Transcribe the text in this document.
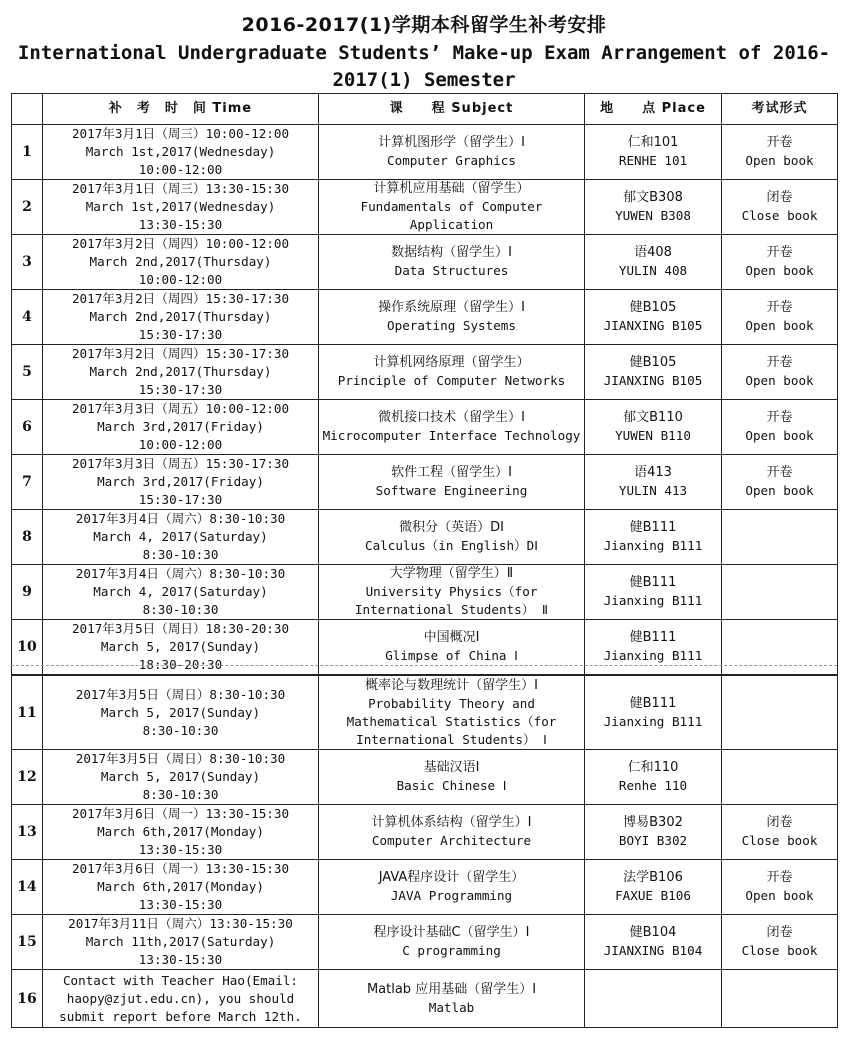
2016-2017(1)学期本科留学生补考安排
International Undergraduate Students’ Make-up Exam Arrangement of 2016-2017(1) Semester
	补　考　时　间 Time	课　　程 Subject	地　　点 Place	考试形式
1	2017年3月1日（周三）10:00-12:00
March 1st,2017(Wednesday)
10:00-12:00	计算机图形学（留学生）Ⅰ
Computer Graphics	仁和101
RENHE 101	开卷
Open book

2	2017年3月1日（周三）13:30-15:30
March 1st,2017(Wednesday)
13:30-15:30	计算机应用基础（留学生）
Fundamentals of Computer Application	郁文B308
YUWEN B308	闭卷
Close book

3	2017年3月2日（周四）10:00-12:00
March 2nd,2017(Thursday)
10:00-12:00	数据结构（留学生）Ⅰ
Data Structures	语408
YULIN 408	开卷
Open book

4	2017年3月2日（周四）15:30-17:30
March 2nd,2017(Thursday)
15:30-17:30	操作系统原理（留学生）Ⅰ
Operating Systems	健B105
JIANXING B105	开卷
Open book

5	2017年3月2日（周四）15:30-17:30
March 2nd,2017(Thursday)
15:30-17:30	计算机网络原理（留学生）
Principle of Computer Networks	健B105
JIANXING B105	开卷
Open book

6	2017年3月3日（周五）10:00-12:00
March 3rd,2017(Friday)
10:00-12:00	微机接口技术（留学生）Ⅰ
Microcomputer Interface Technology	郁文B110
YUWEN B110	开卷
Open book

7	2017年3月3日（周五）15:30-17:30
March 3rd,2017(Friday)
15:30-17:30	软件工程（留学生）Ⅰ
Software Engineering	语413
YULIN 413	开卷
Open book

8	2017年3月4日（周六）8:30-10:30
March 4, 2017(Saturday)
8:30-10:30	微积分（英语）DⅠ
Calculus（in English）DⅠ	健B111
Jianxing B111	

9	2017年3月4日（周六）8:30-10:30
March 4, 2017(Saturday)
8:30-10:30	大学物理（留学生）Ⅱ
University Physics（for International Students） Ⅱ	健B111
Jianxing B111	

10	2017年3月5日（周日）18:30-20:30
March 5, 2017(Sunday)
18:30-20:30	中国概况Ⅰ
Glimpse of China Ⅰ	健B111
Jianxing B111	

11	2017年3月5日（周日）8:30-10:30
March 5, 2017(Sunday)
8:30-10:30	概率论与数理统计（留学生）Ⅰ
Probability Theory and Mathematical Statistics（for International Students） Ⅰ	健B111
Jianxing B111	

12	2017年3月5日（周日）8:30-10:30
March 5, 2017(Sunday)
8:30-10:30	基础汉语Ⅰ
Basic Chinese Ⅰ	仁和110
Renhe 110	

13	2017年3月6日（周一）13:30-15:30
March 6th,2017(Monday)
13:30-15:30	计算机体系结构（留学生）Ⅰ
Computer Architecture	博易B302
BOYI B302	闭卷
Close book

14	2017年3月6日（周一）13:30-15:30
March 6th,2017(Monday)
13:30-15:30	JAVA程序设计（留学生）
JAVA Programming	法学B106
FAXUE B106	开卷
Open book

15	2017年3月11日（周六）13:30-15:30
March 11th,2017(Saturday)
13:30-15:30	程序设计基础C（留学生）Ⅰ
C programming	健B104
JIANXING B104	闭卷
Close book

16	Contact with Teacher Hao(Email: haopy@zjut.edu.cn), you should submit report before March 12th.	Matlab 应用基础（留学生）Ⅰ
Matlab		
